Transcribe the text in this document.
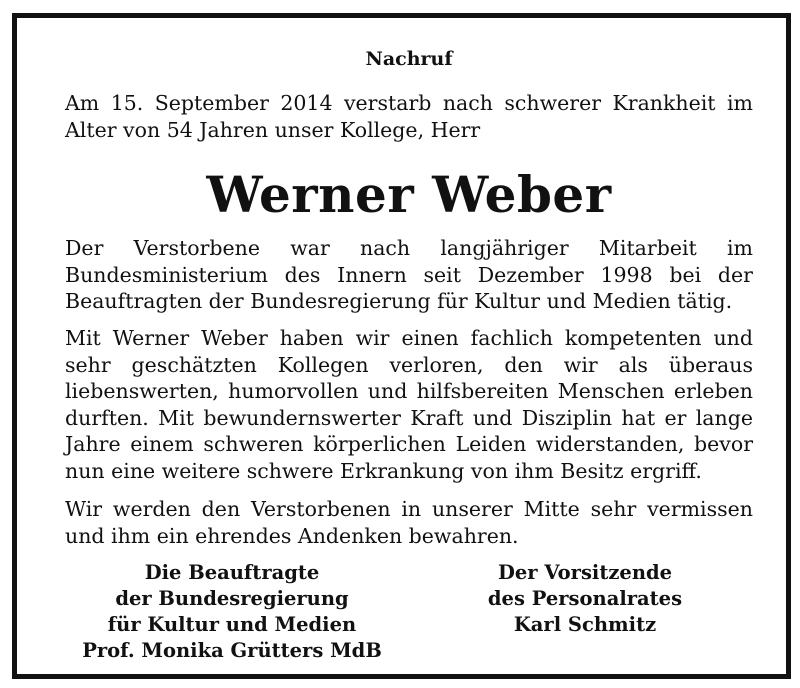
Nachruf
Am 15. September 2014 verstarb nach schwerer Krankheit im Alter von 54 Jahren unser Kollege, Herr
Werner Weber

Der Verstorbene war nach langjähriger Mitarbeit im Bundesministerium des Innern seit Dezember 1998 bei der Beauftragten der Bundesregierung für Kultur und Medien tätig.

Mit Werner Weber haben wir einen fachlich kompetenten und sehr geschätzten Kollegen verloren, den wir als überaus liebenswerten, humorvollen und hilfsbereiten Menschen erleben durften. Mit bewundernswerter Kraft und Disziplin hat er lange Jahre einem schweren körperlichen Leiden widerstanden, bevor nun eine weitere schwere Erkrankung von ihm Besitz ergriff.

Wir werden den Verstorbenen in unserer Mitte sehr vermissen und ihm ein ehrendes Andenken bewahren.

Die Beauftragte
der Bundesregierung
für Kultur und Medien
Prof. Monika Grütters MdB
Der Vorsitzende
des Personalrates
Karl Schmitz
